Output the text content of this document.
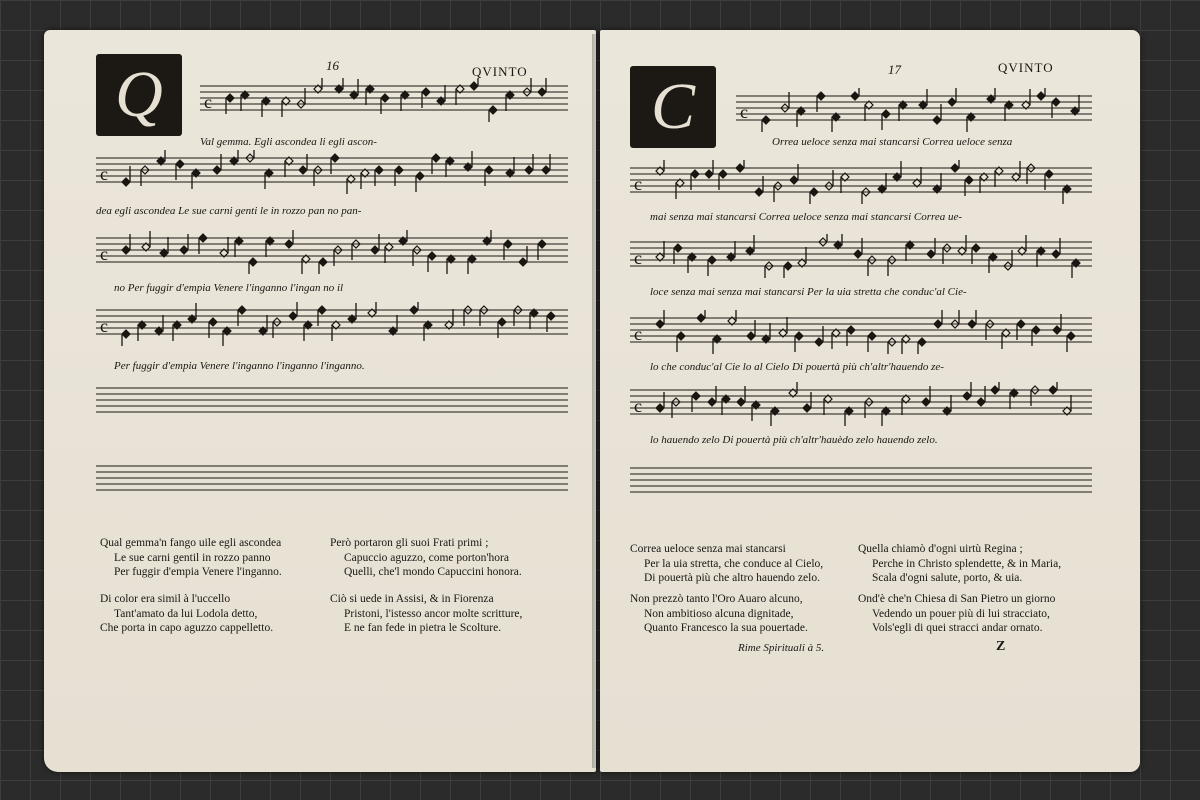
16	QVINTO
Q c
Val gemma. Egli ascondea li egli ascon-
c
dea egli ascondea Le sue carni genti le in rozzo pan no pan-
c
no Per fuggir d'empia Venere l'inganno l'ingan no il
c
Per fuggir d'empia Venere l'inganno l'inganno l'inganno.
Qual gemma'n fango uile egli ascondea
Le sue carni gentil in rozzo panno
Per fuggir d'empia Venere l'inganno.
Però portaron gli suoi Frati primi ;
Capuccio aguzzo, come porton'hora
Quelli, che'l mondo Capuccini honora.
Di color era simil à l'uccello
Tant'amato da lui Lodola detto,
Che porta in capo aguzzo cappelletto.
Ciò si uede in Assisi, & in Fiorenza
Pristoni, l'istesso ancor molte scritture,
E ne fan fede in pietra le Scolture.
17	QVINTO
C c
Orrea ueloce senza mai stancarsi Correa ueloce senza
c
mai senza mai stancarsi Correa ueloce senza mai stancarsi Correa ue-
c
loce senza mai senza mai stancarsi Per la uia stretta che conduc'al Cie-
c
lo che conduc'al Cie lo al Cielo Di pouertà più ch'altr'hauendo ze-
c
lo hauendo zelo Di pouertà più ch'altr'hauèdo zelo hauendo zelo.
Correa ueloce senza mai stancarsi
Per la uia stretta, che conduce al Cielo,
Di pouertà più che altro hauendo zelo.
Quella chiamò d'ogni uirtù Regina ;
Perche in Christo splendette, & in Maria,
Scala d'ogni salute, porto, & uia.
Non prezzò tanto l'Oro Auaro alcuno,
Non ambitioso alcuna dignitade,
Quanto Francesco la sua pouertade.
Ond'è che'n Chiesa di San Pietro un giorno
Vedendo un pouer più di lui stracciato,
Vols'egli di quei stracci andar ornato.
Rime Spirituali à 5.	Z
